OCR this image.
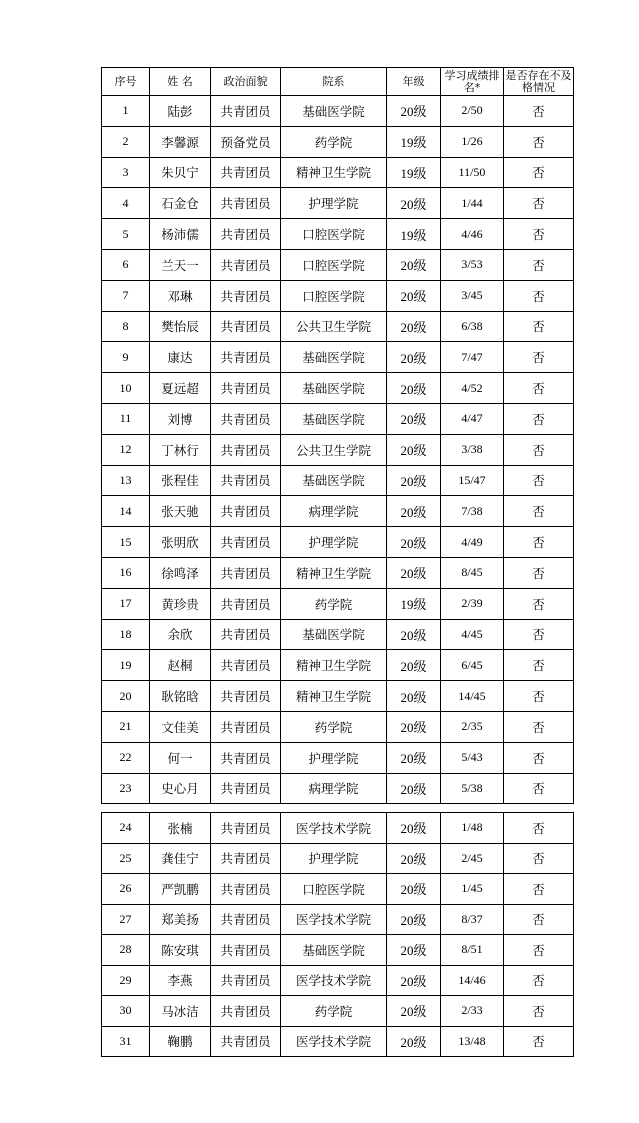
序号	姓 名	政治面貌	院系	年级	学习成绩排名*	是否存在不及格情况
1	陆彭	共青团员	基础医学院	20级	2/50	否
2	李馨源	预备党员	药学院	19级	1/26	否
3	朱贝宁	共青团员	精神卫生学院	19级	11/50	否
4	石金仓	共青团员	护理学院	20级	1/44	否
5	杨沛儒	共青团员	口腔医学院	19级	4/46	否
6	兰天一	共青团员	口腔医学院	20级	3/53	否
7	邓琳	共青团员	口腔医学院	20级	3/45	否
8	樊怡辰	共青团员	公共卫生学院	20级	6/38	否
9	康达	共青团员	基础医学院	20级	7/47	否
10	夏远超	共青团员	基础医学院	20级	4/52	否
11	刘博	共青团员	基础医学院	20级	4/47	否
12	丁林行	共青团员	公共卫生学院	20级	3/38	否
13	张程佳	共青团员	基础医学院	20级	15/47	否
14	张天驰	共青团员	病理学院	20级	7/38	否
15	张明欣	共青团员	护理学院	20级	4/49	否
16	徐鸣泽	共青团员	精神卫生学院	20级	8/45	否
17	黄珍贵	共青团员	药学院	19级	2/39	否
18	余欣	共青团员	基础医学院	20级	4/45	否
19	赵桐	共青团员	精神卫生学院	20级	6/45	否
20	耿铭晗	共青团员	精神卫生学院	20级	14/45	否
21	文佳美	共青团员	药学院	20级	2/35	否
22	何一	共青团员	护理学院	20级	5/43	否
23	史心月	共青团员	病理学院	20级	5/38	否
24	张楠	共青团员	医学技术学院	20级	1/48	否
25	龚佳宁	共青团员	护理学院	20级	2/45	否
26	严凯鹏	共青团员	口腔医学院	20级	1/45	否
27	郑美扬	共青团员	医学技术学院	20级	8/37	否
28	陈安琪	共青团员	基础医学院	20级	8/51	否
29	李燕	共青团员	医学技术学院	20级	14/46	否
30	马冰洁	共青团员	药学院	20级	2/33	否
31	鞠鹏	共青团员	医学技术学院	20级	13/48	否
